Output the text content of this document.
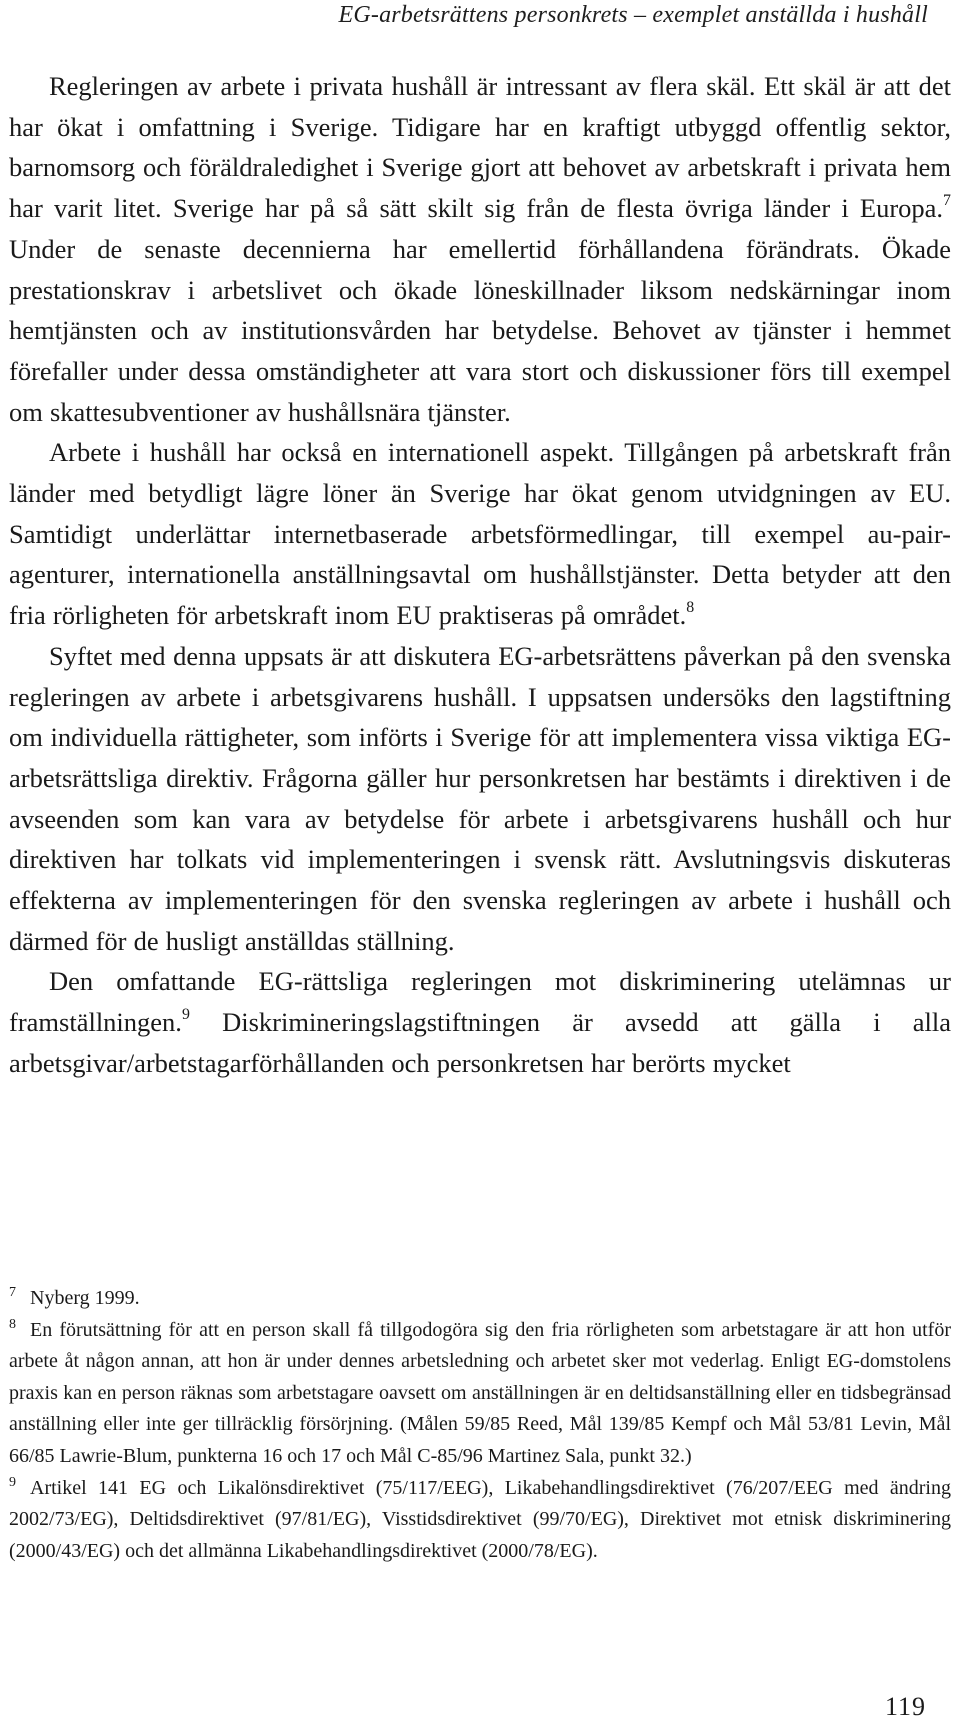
EG-arbetsrättens personkrets – exemplet anställda i hushåll

Regleringen av arbete i privata hushåll är intressant av flera skäl. Ett skäl är att det har ökat i omfattning i Sverige. Tidigare har en kraftigt utbyggd offentlig sektor, barnomsorg och föräldraledighet i Sverige gjort att behovet av arbetskraft i privata hem har varit litet. Sverige har på så sätt skilt sig från de flesta övriga länder i Europa.$^7$ Under de senaste decennierna har emellertid förhållandena förändrats. Ökade prestationskrav i arbetslivet och ökade löneskillnader liksom nedskärningar inom hemtjänsten och av institutionsvården har betydelse. Behovet av tjänster i hemmet förefaller under dessa omständigheter att vara stort och diskussioner förs till exempel om skattesubventioner av hushållsnära tjänster.

Arbete i hushåll har också en internationell aspekt. Tillgången på arbetskraft från länder med betydligt lägre löner än Sverige har ökat genom utvidgningen av EU. Samtidigt underlättar internetbaserade arbetsförmedlingar, till exempel au-pair-agenturer, internationella anställningsavtal om hushållstjänster. Detta betyder att den fria rörligheten för arbetskraft inom EU praktiseras på området.$^8$

Syftet med denna uppsats är att diskutera EG-arbetsrättens påverkan på den svenska regleringen av arbete i arbetsgivarens hushåll. I uppsatsen undersöks den lagstiftning om individuella rättigheter, som införts i Sverige för att implementera vissa viktiga EG-arbetsrättsliga direktiv. Frågorna gäller hur personkretsen har bestämts i direktiven i de avseenden som kan vara av betydelse för arbete i arbetsgivarens hushåll och hur direktiven har tolkats vid implementeringen i svensk rätt. Avslutningsvis diskuteras effekterna av implementeringen för den svenska regleringen av arbete i hushåll och därmed för de husligt anställdas ställning.

Den omfattande EG-rättsliga regleringen mot diskriminering utelämnas ur framställningen.$^9$ Diskrimineringslagstiftningen är avsedd att gälla i alla arbetsgivar/arbetstagarförhållanden och personkretsen har berörts mycket

$^7$ Nyberg 1999.

$^8$ En förutsättning för att en person skall få tillgodogöra sig den fria rörligheten som arbetstagare är att hon utför arbete åt någon annan, att hon är under dennes arbetsledning och arbetet sker mot vederlag. Enligt EG-domstolens praxis kan en person räknas som arbetstagare oavsett om anställningen är en deltidsanställning eller en tidsbegränsad anställning eller inte ger tillräcklig försörjning. (Målen 59/85 Reed, Mål 139/85 Kempf och Mål 53/81 Levin, Mål 66/85 Lawrie-Blum, punkterna 16 och 17 och Mål C-85/96 Martinez Sala, punkt 32.)

$^9$ Artikel 141 EG och Likalönsdirektivet (75/117/EEG), Likabehandlingsdirektivet (76/207/EEG med ändring 2002/73/EG), Deltidsdirektivet (97/81/EG), Visstidsdirektivet (99/70/EG), Direktivet mot etnisk diskriminering (2000/43/EG) och det allmänna Likabehandlingsdirektivet (2000/78/EG).

119
